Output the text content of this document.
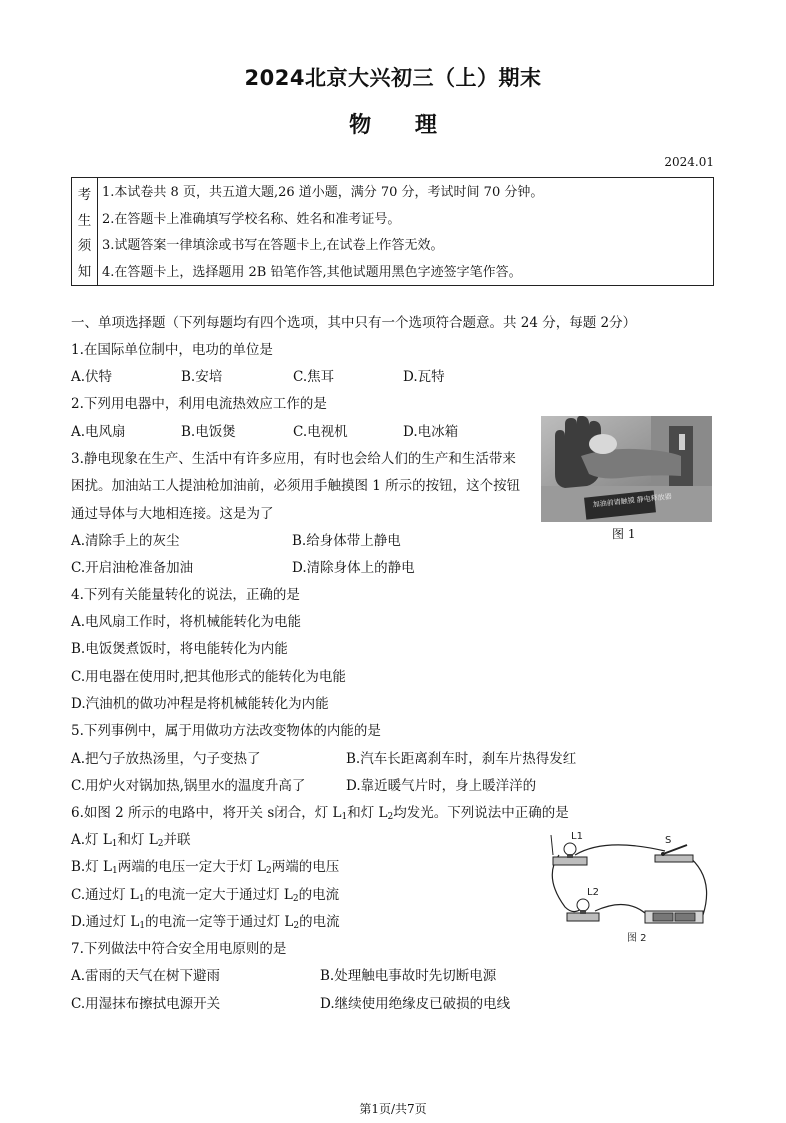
2024北京大兴初三（上）期末
物 理
2024.01
考
生
须
知
1.本试卷共 8 页，共五道大题,26 道小题，满分 70 分，考试时间 70 分钟。
2.在答题卡上准确填写学校名称、姓名和准考证号。
3.试题答案一律填涂或书写在答题卡上,在试卷上作答无效。
4.在答题卡上，选择题用 2B 铅笔作答,其他试题用黑色字迹签字笔作答。
一、单项选择题（下列每题均有四个选项，其中只有一个选项符合题意。共 24 分，每题 2分）
1.在国际单位制中，电功的单位是
A.伏特	B.安培	C.焦耳	D.瓦特
2.下列用电器中，利用电流热效应工作的是
A.电风扇	B.电饭煲	C.电视机	D.电冰箱
3.静电现象在生产、生活中有许多应用，有时也会给人们的生产和生活带来
困扰。加油站工人提油枪加油前，必须用手触摸图 1 所示的按钮，这个按钮
通过导体与大地相连接。这是为了
A.清除手上的灰尘	B.给身体带上静电
C.开启油枪准备加油	D.清除身体上的静电
加油前请触摸 静电释放器
图 1
4.下列有关能量转化的说法，正确的是
A.电风扇工作时，将机械能转化为电能
B.电饭煲煮饭时，将电能转化为内能
C.用电器在使用时,把其他形式的能转化为电能
D.汽油机的做功冲程是将机械能转化为内能
5.下列事例中，属于用做功方法改变物体的内能的是
A.把勺子放热汤里，勺子变热了	B.汽车长距离刹车时，刹车片热得发红
C.用炉火对锅加热,锅里水的温度升高了	D.靠近暖气片时，身上暖洋洋的
6.如图 2 所示的电路中，将开关 s闭合，灯 $L_1$和灯 $L_2$均发光。下列说法中正确的是
A.灯 $L_1$和灯 $L_2$并联
B.灯 $L_1$两端的电压一定大于灯 $L_2$两端的电压
C.通过灯 $L_1$的电流一定大于通过灯 $L_2$的电流
D.通过灯 $L_1$的电流一定等于通过灯 $L_2$的电流
L1	S
L2
图 2
7.下列做法中符合安全用电原则的是
A.雷雨的天气在树下避雨	B.处理触电事故时先切断电源
C.用湿抹布擦拭电源开关	D.继续使用绝缘皮已破损的电线
第1页/共7页
